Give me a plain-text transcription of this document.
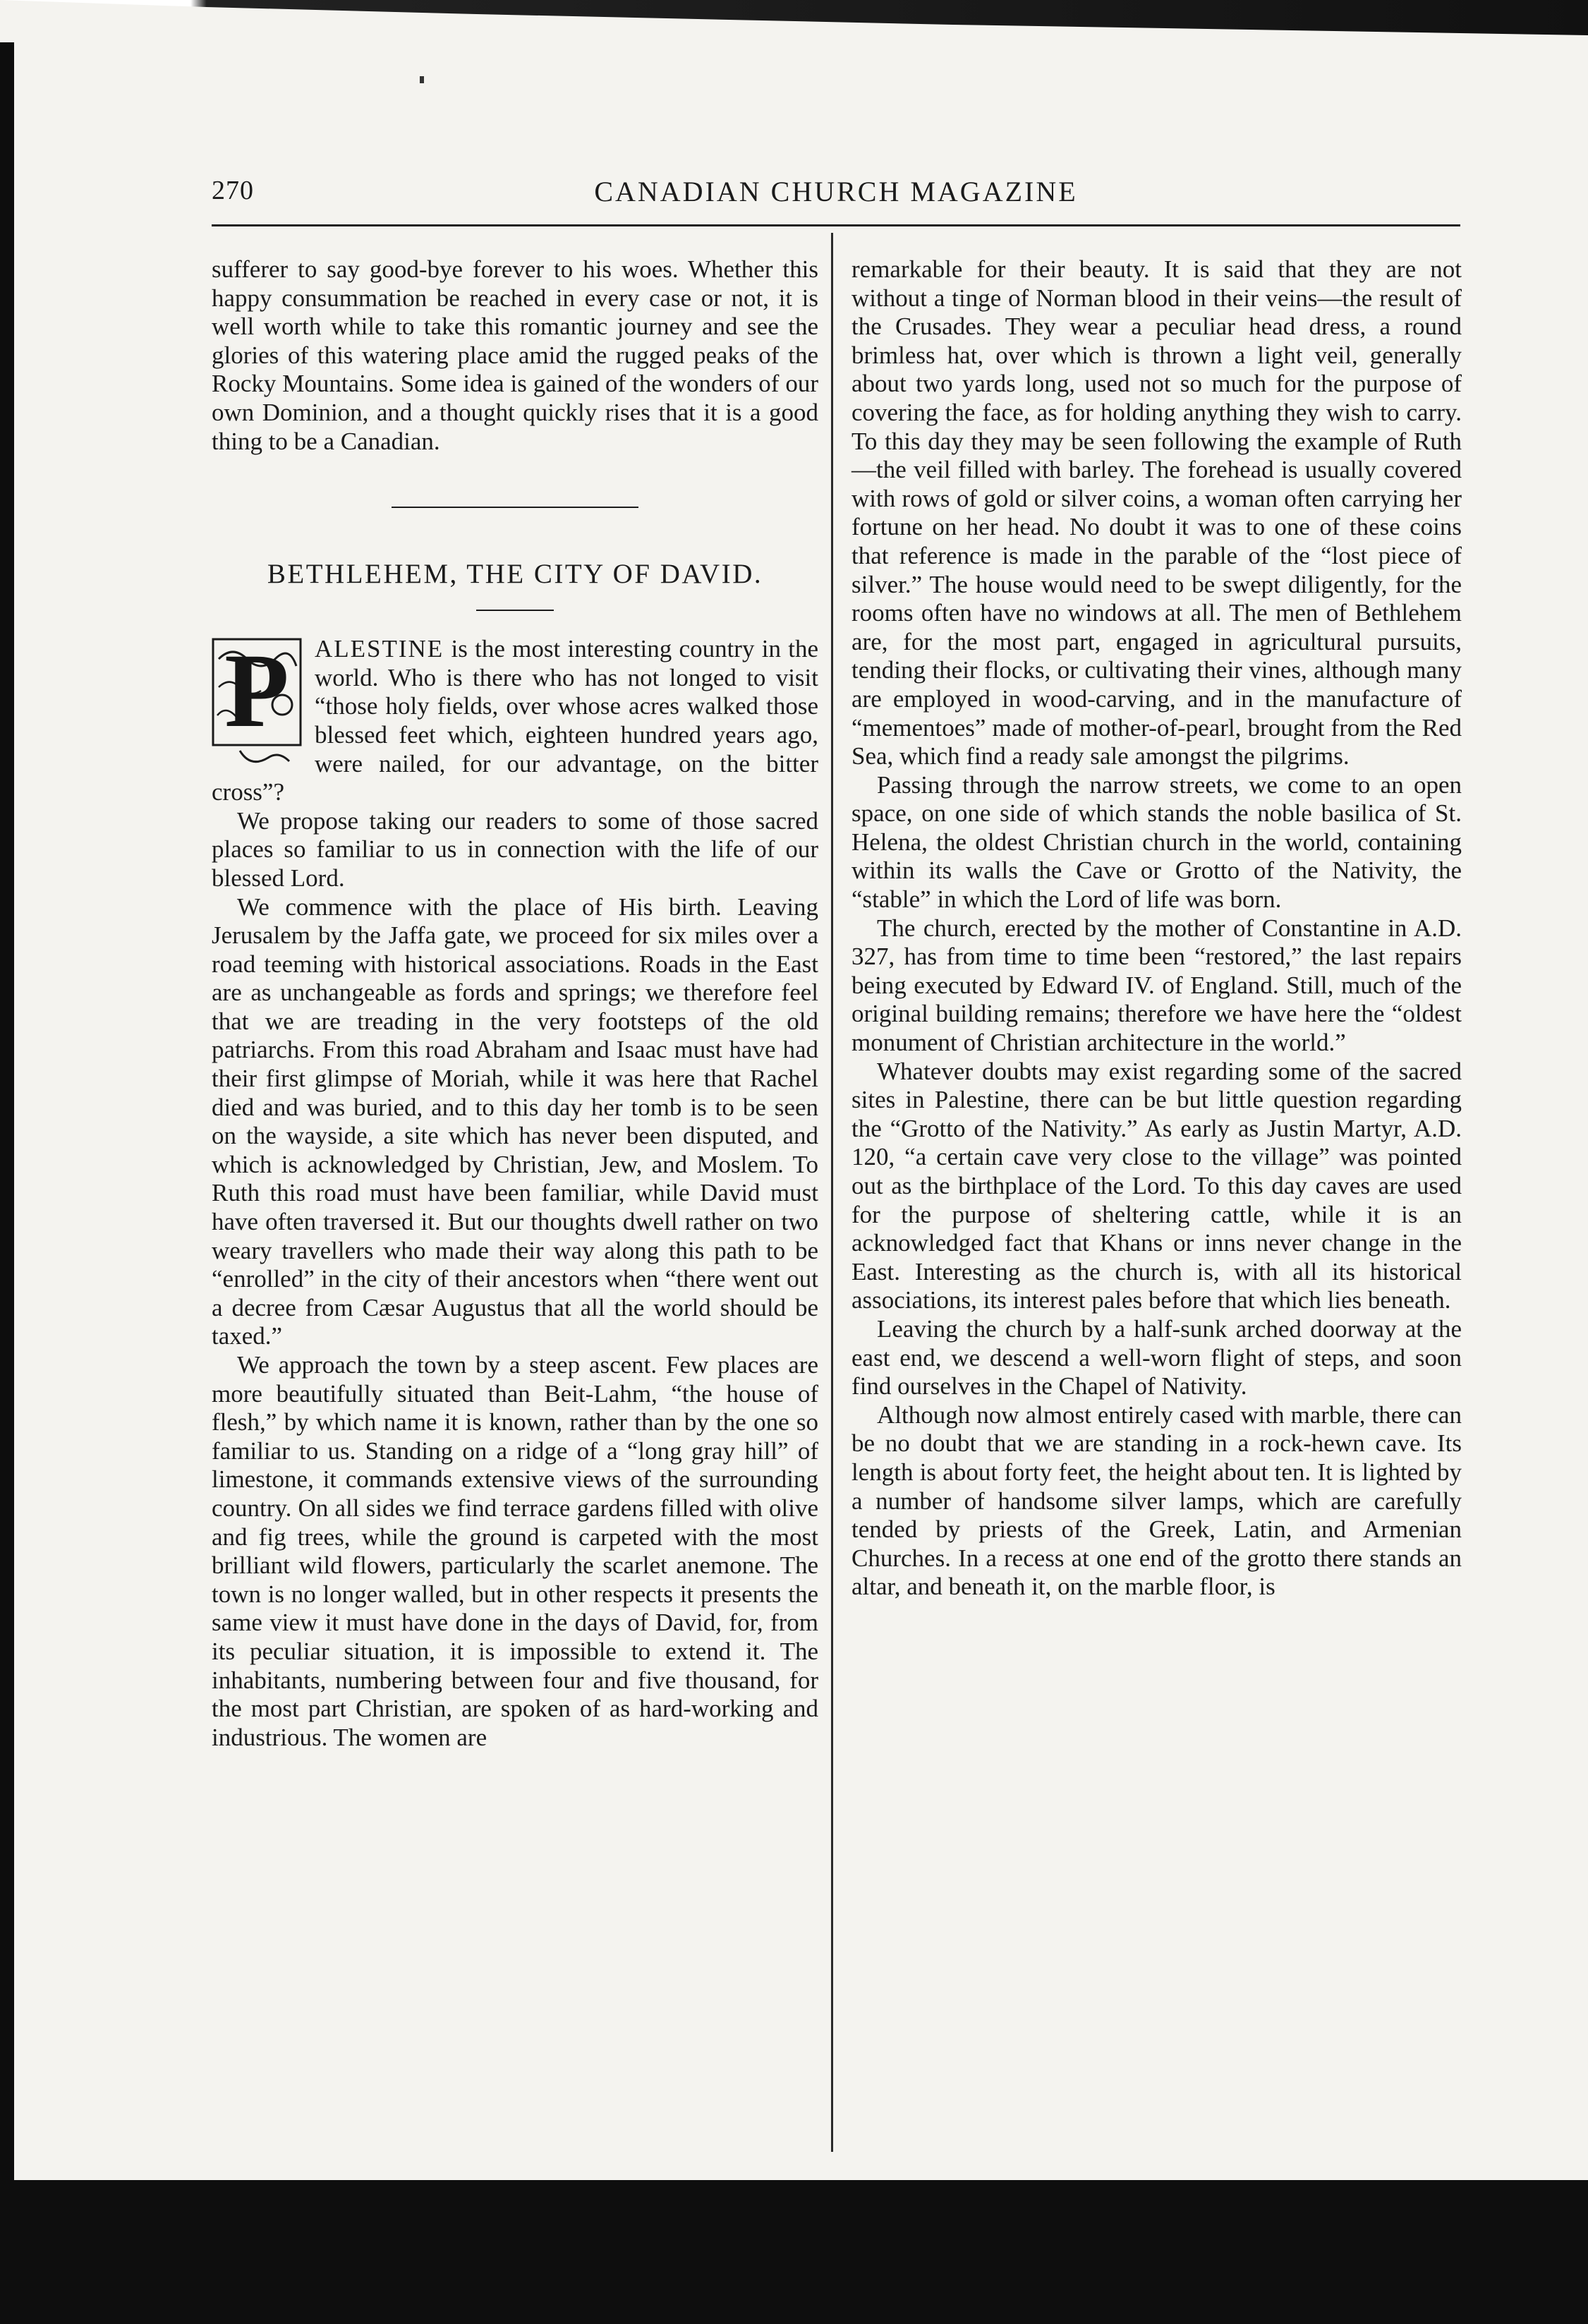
270	CANADIAN CHURCH MAGAZINE

sufferer to say good-bye forever to his woes. Whether this happy consummation be reached in every case or not, it is well worth while to take this romantic journey and see the glories of this watering place amid the rugged peaks of the Rocky Mountains. Some idea is gained of the wonders of our own Dominion, and a thought quickly rises that it is a good thing to be a Canadian.

BETHLEHEM, THE CITY OF DAVID.
P	ALESTINE is the most interesting country in the world. Who is there who has not longed to visit “those holy fields, over whose acres walked those blessed feet which, eighteen hundred years ago, were nailed, for our advantage, on the bitter cross”?

We propose taking our readers to some of those sacred places so familiar to us in connection with the life of our blessed Lord.

We commence with the place of His birth. Leaving Jerusalem by the Jaffa gate, we proceed for six miles over a road teeming with historical associations. Roads in the East are as unchangeable as fords and springs; we therefore feel that we are treading in the very footsteps of the old patriarchs. From this road Abraham and Isaac must have had their first glimpse of Moriah, while it was here that Rachel died and was buried, and to this day her tomb is to be seen on the wayside, a site which has never been disputed, and which is acknowledged by Christian, Jew, and Moslem. To Ruth this road must have been familiar, while David must have often traversed it. But our thoughts dwell rather on two weary travellers who made their way along this path to be “enrolled” in the city of their ancestors when “there went out a decree from Cæsar Augustus that all the world should be taxed.”

We approach the town by a steep ascent. Few places are more beautifully situated than Beit-Lahm, “the house of flesh,” by which name it is known, rather than by the one so familiar to us. Standing on a ridge of a “long gray hill” of limestone, it commands extensive views of the surrounding country. On all sides we find terrace gardens filled with olive and fig trees, while the ground is carpeted with the most brilliant wild flowers, particularly the scarlet anemone. The town is no longer walled, but in other respects it presents the same view it must have done in the days of David, for, from its peculiar situation, it is impossible to extend it. The inhabitants, numbering between four and five thousand, for the most part Christian, are spoken of as hard-working and industrious. The women are

remarkable for their beauty. It is said that they are not without a tinge of Norman blood in their veins—the result of the Crusades. They wear a peculiar head dress, a round brimless hat, over which is thrown a light veil, generally about two yards long, used not so much for the purpose of covering the face, as for holding anything they wish to carry. To this day they may be seen following the example of Ruth—the veil filled with barley. The forehead is usually covered with rows of gold or silver coins, a woman often carrying her fortune on her head. No doubt it was to one of these coins that reference is made in the parable of the “lost piece of silver.” The house would need to be swept diligently, for the rooms often have no windows at all. The men of Bethlehem are, for the most part, engaged in agricultural pursuits, tending their flocks, or cultivating their vines, although many are employed in wood-carving, and in the manufacture of “mementoes” made of mother-of-pearl, brought from the Red Sea, which find a ready sale amongst the pilgrims.

Passing through the narrow streets, we come to an open space, on one side of which stands the noble basilica of St. Helena, the oldest Christian church in the world, containing within its walls the Cave or Grotto of the Nativity, the “stable” in which the Lord of life was born.

The church, erected by the mother of Constantine in A.D. 327, has from time to time been “restored,” the last repairs being executed by Edward IV. of England. Still, much of the original building remains; therefore we have here the “oldest monument of Christian architecture in the world.”

Whatever doubts may exist regarding some of the sacred sites in Palestine, there can be but little question regarding the “Grotto of the Nativity.” As early as Justin Martyr, A.D. 120, “a certain cave very close to the village” was pointed out as the birthplace of the Lord. To this day caves are used for the purpose of sheltering cattle, while it is an acknowledged fact that Khans or inns never change in the East. Interesting as the church is, with all its historical associations, its interest pales before that which lies beneath.

Leaving the church by a half-sunk arched doorway at the east end, we descend a well-worn flight of steps, and soon find ourselves in the Chapel of Nativity.

Although now almost entirely cased with marble, there can be no doubt that we are standing in a rock-hewn cave. Its length is about forty feet, the height about ten. It is lighted by a number of handsome silver lamps, which are carefully tended by priests of the Greek, Latin, and Armenian Churches. In a recess at one end of the grotto there stands an altar, and beneath it, on the marble floor, is
